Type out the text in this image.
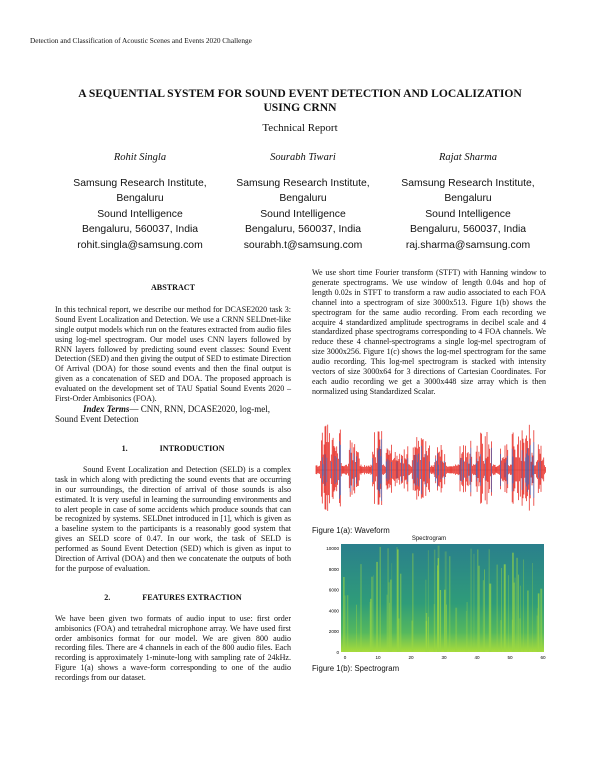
Detection and Classification of Acoustic Scenes and Events 2020 Challenge
A SEQUENTIAL SYSTEM FOR SOUND EVENT DETECTION AND LOCALIZATION
USING CRNN
Technical Report
Rohit Singla
Samsung Research Institute,
Bengaluru
Sound Intelligence
Bengaluru, 560037, India
rohit.singla@samsung.com
Sourabh Tiwari
Samsung Research Institute,
Bengaluru
Sound Intelligence
Bengaluru, 560037, India
sourabh.t@samsung.com
Rajat Sharma
Samsung Research Institute,
Bengaluru
Sound Intelligence
Bengaluru, 560037, India
raj.sharma@samsung.com
ABSTRACT

In this technical report, we describe our method for DCASE2020 task 3: Sound Event Localization and Detection. We use a CRNN SELDnet-like single output models which run on the features extracted from audio files using log-mel spectrogram. Our model uses CNN layers followed by RNN layers followed by predicting sound event classes: Sound Event Detection (SED) and then giving the output of SED to estimate Direction Of Arrival (DOA) for those sound events and then the final output is given as a concatenation of SED and DOA. The proposed approach is evaluated on the development set of TAU Spatial Sound Events 2020 – First-Order Ambisonics (FOA).

Index Terms— CNN, RNN, DCASE2020, log-mel, Sound Event Detection

1.	INTRODUCTION

Sound Event Localization and Detection (SELD) is a complex task in which along with predicting the sound events that are occurring in our surroundings, the direction of arrival of those sounds is also estimated. It is very useful in learning the surrounding environments and to alert people in case of some accidents which produce sounds that can be recognized by systems. SELDnet introduced in [1], which is given as a baseline system to the participants is a reasonably good system that gives an SELD score of 0.47. In our work, the task of SELD is performed as Sound Event Detection (SED) which is given as input to Direction of Arrival (DOA) and then we concatenate the outputs of both for the purpose of evaluation.

2.	FEATURES EXTRACTION

We have been given two formats of audio input to use: first order ambisonics (FOA) and tetrahedral microphone array. We have used first order ambisonics format for our model. We are given 800 audio recording files. There are 4 channels in each of the 800 audio files. Each recording is approximately 1-minute-long with sampling rate of 24kHz. Figure 1(a) shows a wave-form corresponding to one of the audio recordings from our dataset.

We use short time Fourier transform (STFT) with Hanning window to generate spectrograms. We use window of length 0.04s and hop of length 0.02s in STFT to transform a raw audio associated to each FOA channel into a spectrogram of size 3000x513. Figure 1(b) shows the spectrogram for the same audio recording. From each recording we acquire 4 standardized amplitude spectrograms in decibel scale and 4 standardized phase spectrograms corresponding to 4 FOA channels. We reduce these 4 channel-spectrograms a single log-mel spectrogram of size 3000x256. Figure 1(c) shows the log-mel spectrogram for the same audio recording. This log-mel spectrogram is stacked with intensity vectors of size 3000x64 for 3 directions of Cartesian Coordinates. For each audio recording we get a 3000x448 size array which is then normalized using Standardized Scalar.

Figure 1(a): Waveform
Spectrogram
10000
8000
6000
4000
2000
0
0	10	20	30	40	50	60
Figure 1(b): Spectrogram
